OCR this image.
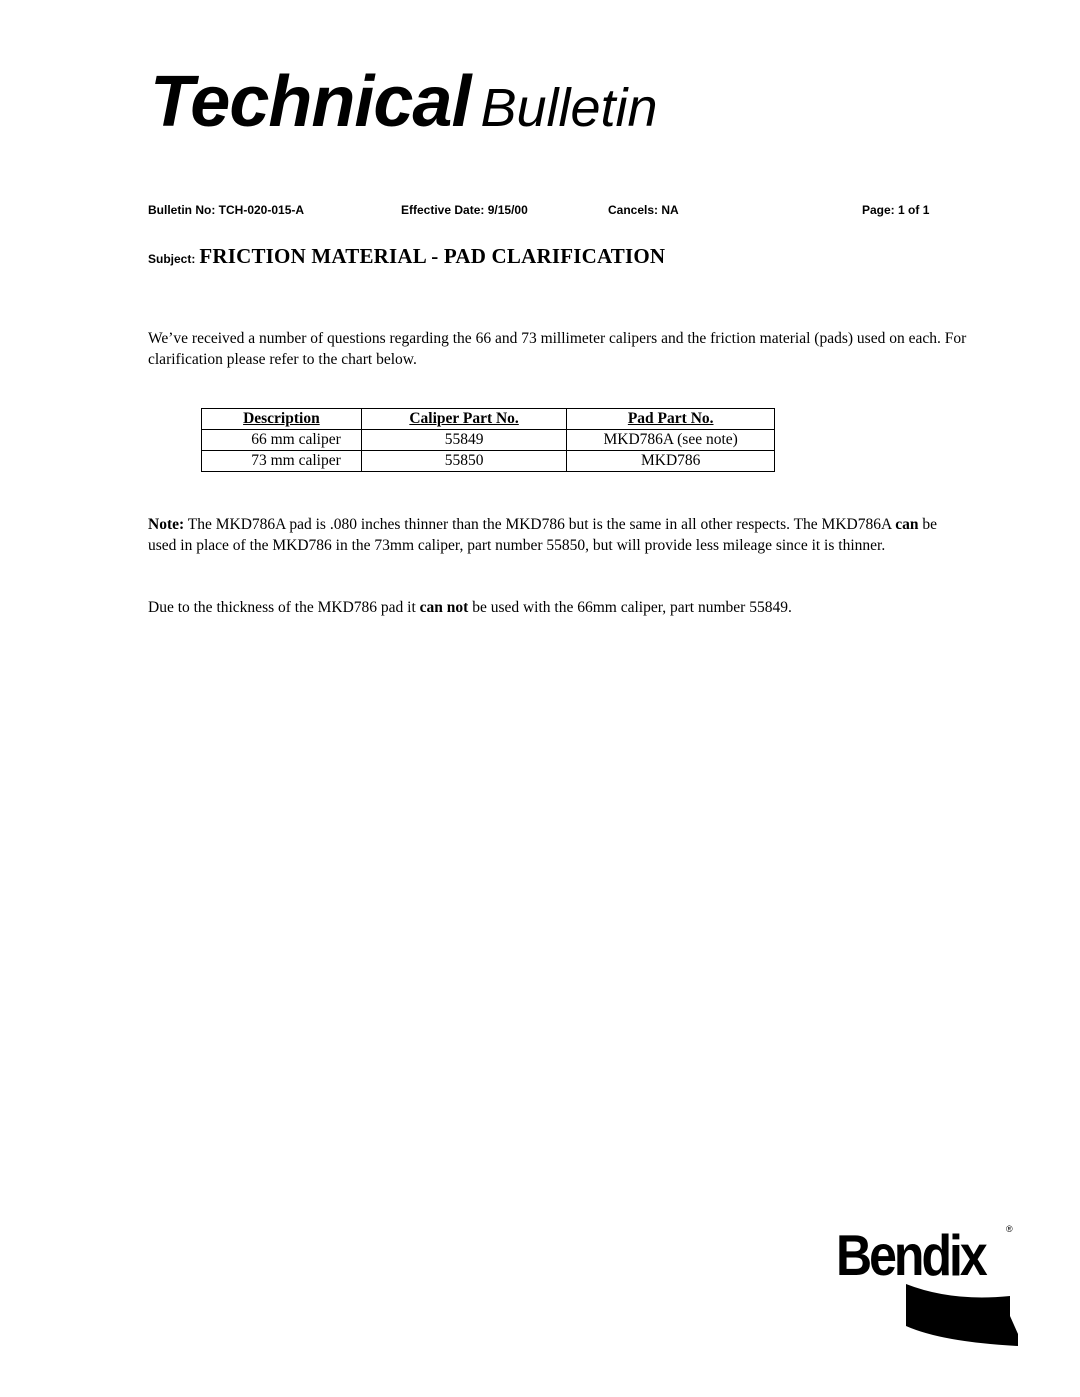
Technical Bulletin
Bulletin No: TCH-020-015-A	Effective Date: 9/15/00	Cancels: NA	Page: 1 of 1
Subject: FRICTION MATERIAL - PAD CLARIFICATION
We’ve received a number of questions regarding the 66 and 73 millimeter calipers and the friction material (pads) used on each. For clarification please refer to the chart below.
Description	Caliper Part No.	Pad Part No.
66 mm caliper	55849	MKD786A (see note)
73 mm caliper	55850	MKD786
Note: The MKD786A pad is .080 inches thinner than the MKD786 but is the same in all other respects. The MKD786A can be used in place of the MKD786 in the 73mm caliper, part number 55850, but will provide less mileage since it is thinner.
Due to the thickness of the MKD786 pad it can not be used with the 66mm caliper, part number 55849.
Bendix ®
